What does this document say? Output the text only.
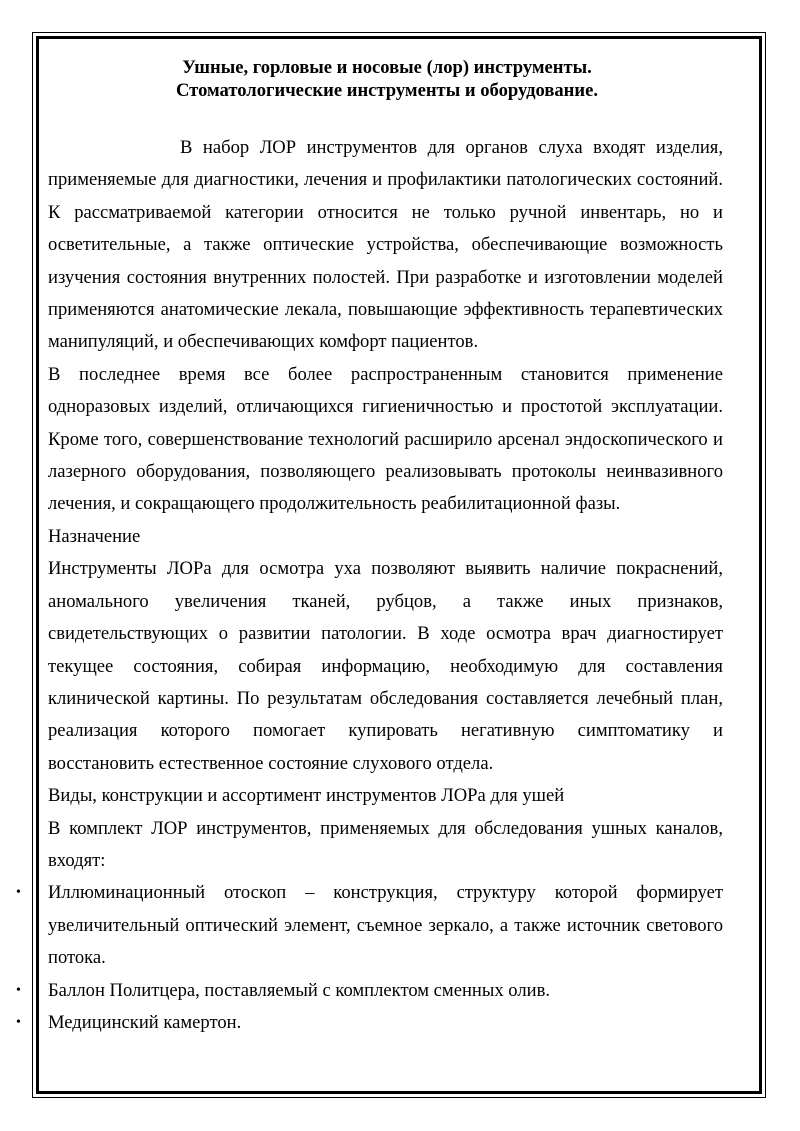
Ушные, горловые и носовые (лор) инструменты.
Стоматологические инструменты и оборудование.

В набор ЛОР инструментов для органов слуха входят изделия, применяемые для диагностики, лечения и профилактики патологических состояний. К рассматриваемой категории относится не только ручной инвентарь, но и осветительные, а также оптические устройства, обеспечивающие возможность изучения состояния внутренних полостей. При разработке и изготовлении моделей применяются анатомические лекала, повышающие эффективность терапевтических манипуляций, и обеспечивающих комфорт пациентов.

В последнее время все более распространенным становится применение одноразовых изделий, отличающихся гигиеничностью и простотой эксплуатации. Кроме того, совершенствование технологий расширило арсенал эндоскопического и лазерного оборудования, позволяющего реализовывать протоколы неинвазивного лечения, и сокращающего продолжительность реабилитационной фазы.

Назначение

Инструменты ЛОРа для осмотра уха позволяют выявить наличие покраснений, аномального увеличения тканей, рубцов, а также иных признаков, свидетельствующих о развитии патологии. В ходе осмотра врач диагностирует текущее состояния, собирая информацию, необходимую для составления клинической картины. По результатам обследования составляется лечебный план, реализация которого помогает купировать негативную симптоматику и восстановить естественное состояние слухового отдела.

Виды, конструкции и ассортимент инструментов ЛОРа для ушей

В комплект ЛОР инструментов, применяемых для обследования ушных каналов, входят:

• Иллюминационный отоскоп – конструкция, структуру которой формирует увеличительный оптический элемент, съемное зеркало, а также источник светового потока.
• Баллон Политцера, поставляемый с комплектом сменных олив.
• Медицинский камертон.
